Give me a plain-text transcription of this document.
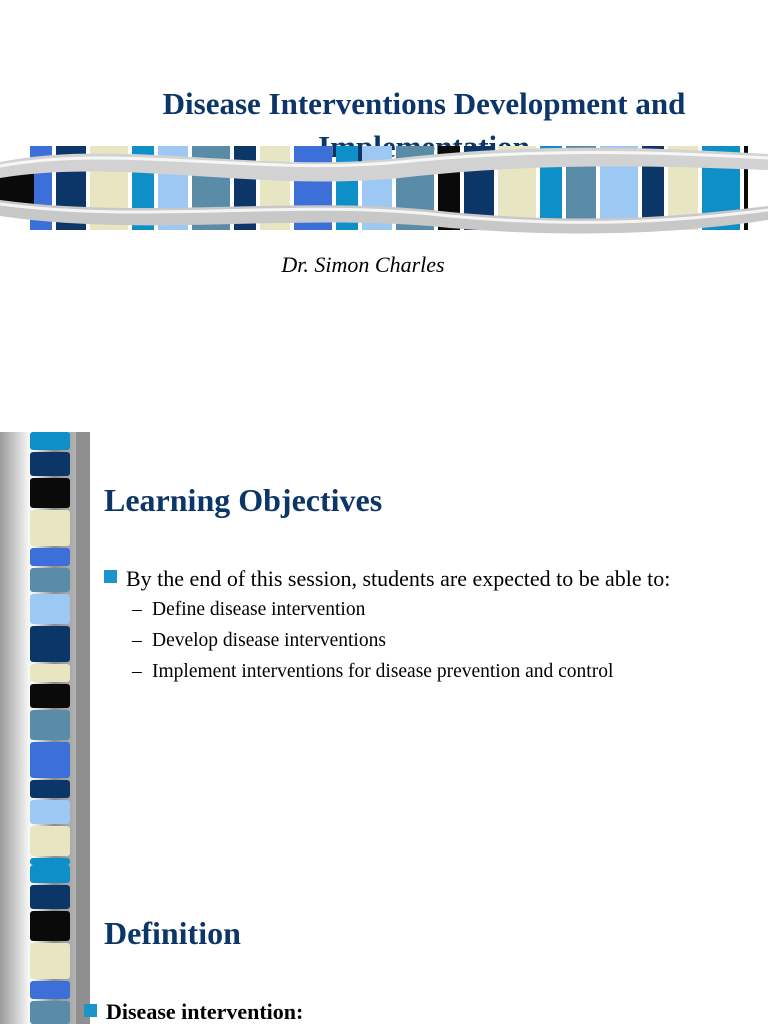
Disease Interventions Development and
Dr. Simon Charles
Learning Objectives
By the end of this session, students are expected to be able to:
– Define disease intervention
– Develop disease interventions
– Implement interventions for disease prevention and control
Definition
Disease intervention:
